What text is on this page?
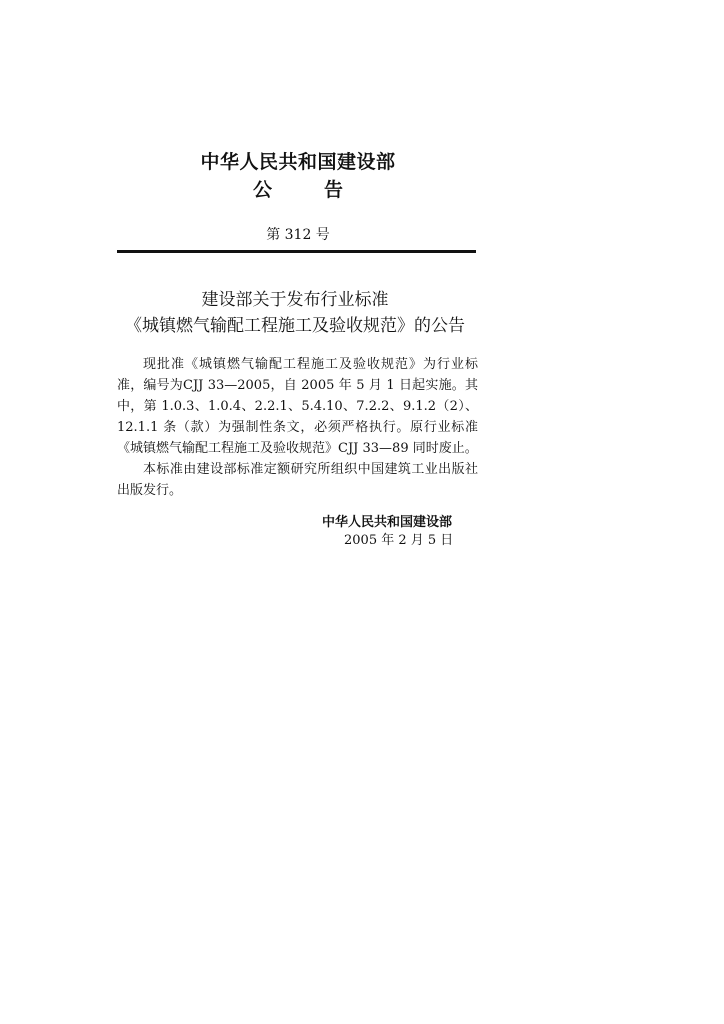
中华人民共和国建设部
公	告
第 312 号
建设部关于发布行业标准
《城镇燃气输配工程施工及验收规范》的公告

现批准《城镇燃气输配工程施工及验收规范》为行业标准，编号为CJJ 33—2005，自 2005 年 5 月 1 日起实施。其中，第 1.0.3、1.0.4、2.2.1、5.4.10、7.2.2、9.1.2（2）、12.1.1 条（款）为强制性条文，必须严格执行。原行业标准《城镇燃气输配工程施工及验收规范》CJJ 33—89 同时废止。

本标准由建设部标准定额研究所组织中国建筑工业出版社出版发行。

中华人民共和国建设部
2005 年 2 月 5 日
